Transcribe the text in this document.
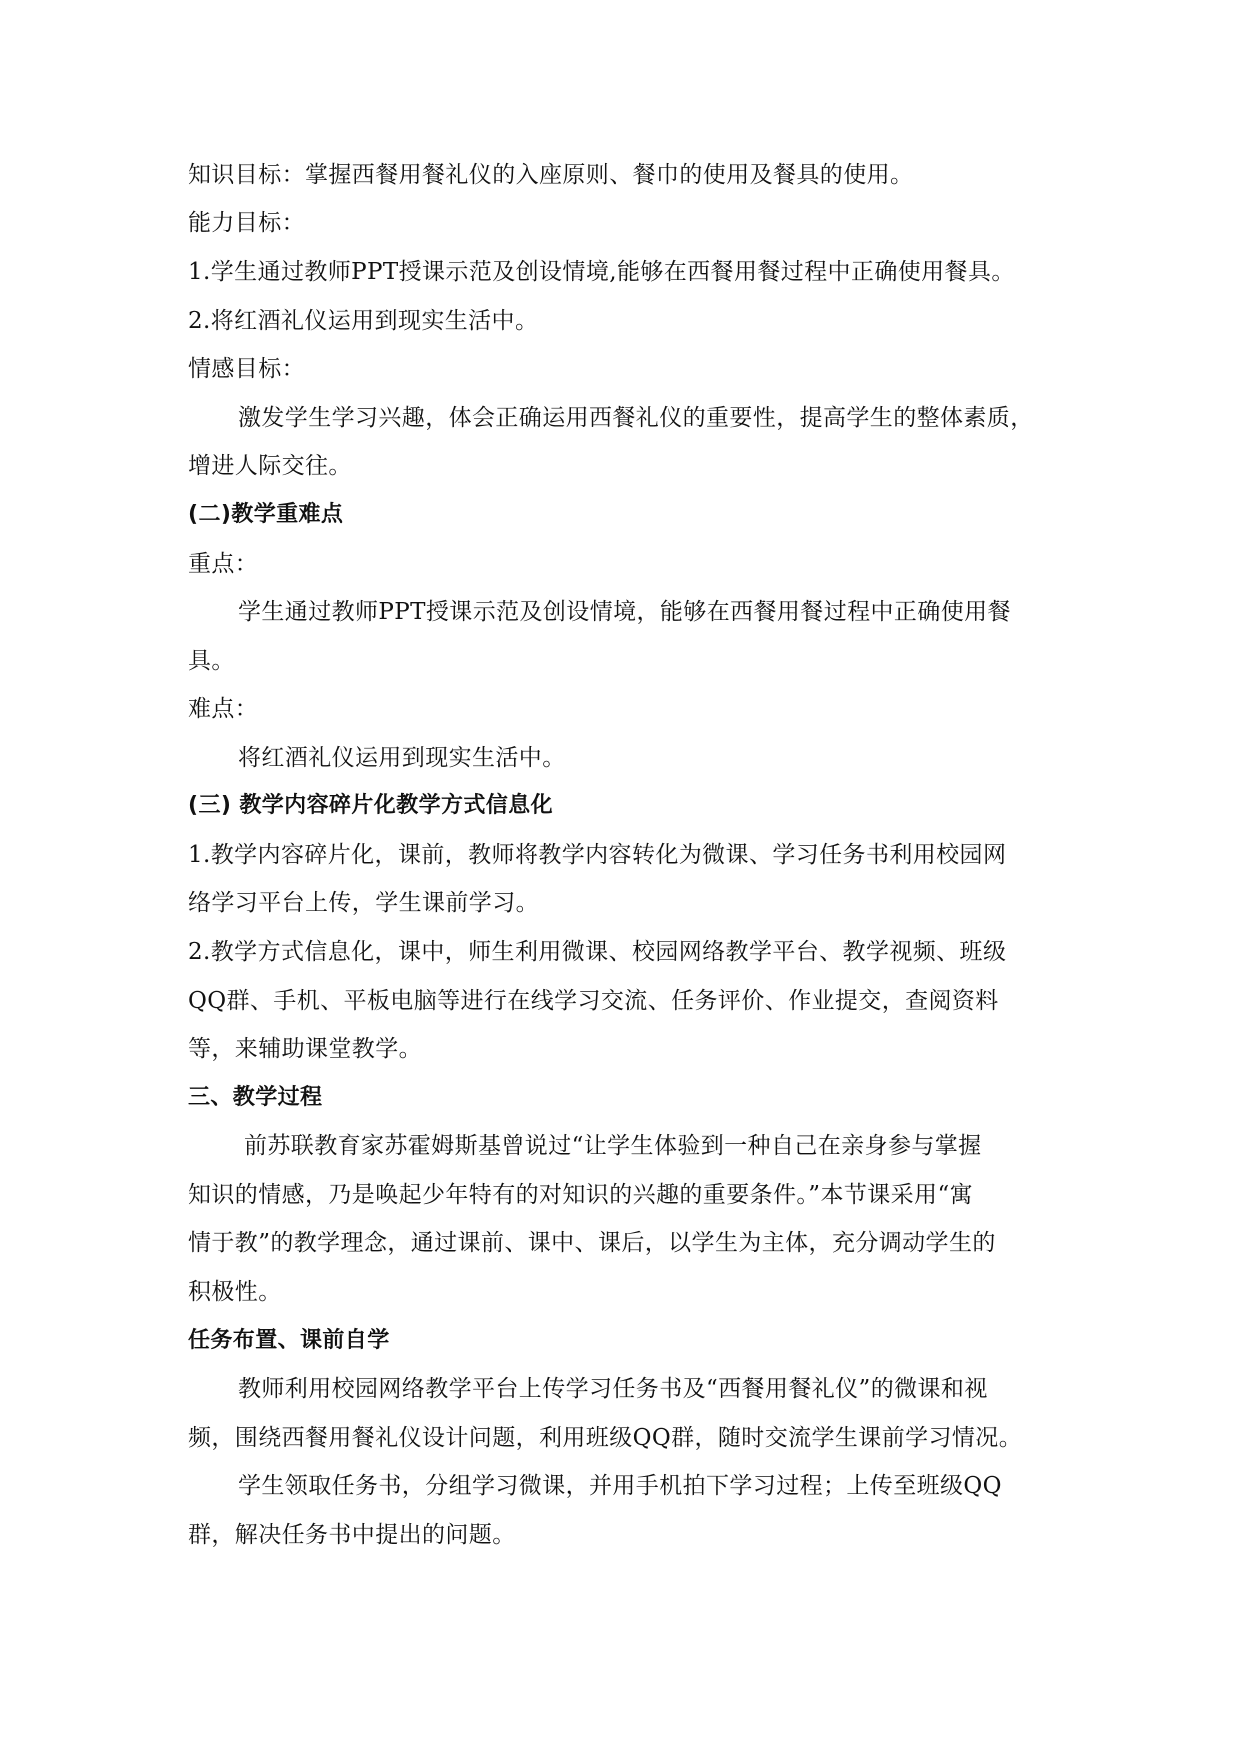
知识目标：掌握西餐用餐礼仪的入座原则、餐巾的使用及餐具的使用。

能力目标：

1.学生通过教师PPT授课示范及创设情境,能够在西餐用餐过程中正确使用餐具。

2.将红酒礼仪运用到现实生活中。

情感目标：

激发学生学习兴趣，体会正确运用西餐礼仪的重要性，提高学生的整体素质，

增进人际交往。

(二)教学重难点

重点：

学生通过教师PPT授课示范及创设情境，能够在西餐用餐过程中正确使用餐

具。

难点：

将红酒礼仪运用到现实生活中。

(三) 教学内容碎片化教学方式信息化

1.教学内容碎片化，课前，教师将教学内容转化为微课、学习任务书利用校园网

络学习平台上传，学生课前学习。

2.教学方式信息化，课中，师生利用微课、校园网络教学平台、教学视频、班级

QQ群、手机、平板电脑等进行在线学习交流、任务评价、作业提交，查阅资料

等，来辅助课堂教学。

三、教学过程

前苏联教育家苏霍姆斯基曾说过“让学生体验到一种自己在亲身参与掌握

知识的情感，乃是唤起少年特有的对知识的兴趣的重要条件。”本节课采用“寓

情于教”的教学理念，通过课前、课中、课后，以学生为主体，充分调动学生的

积极性。

任务布置、课前自学

教师利用校园网络教学平台上传学习任务书及“西餐用餐礼仪”的微课和视

频，围绕西餐用餐礼仪设计问题，利用班级QQ群，随时交流学生课前学习情况。

学生领取任务书，分组学习微课，并用手机拍下学习过程；上传至班级QQ

群，解决任务书中提出的问题。
